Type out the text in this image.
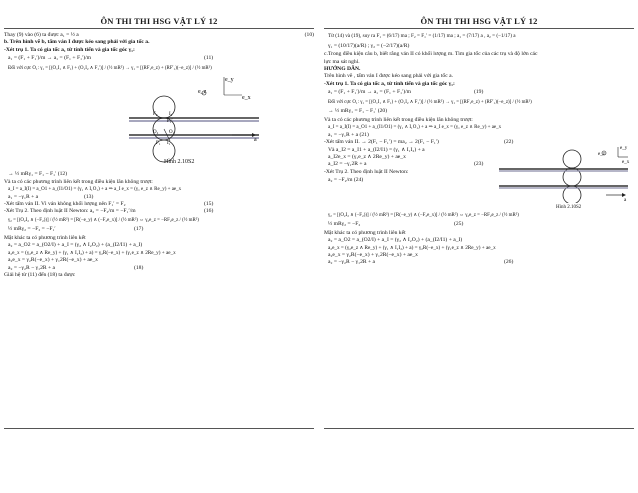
ÔN THI THI HSG VẬT LÝ 12
Thay (9) vào (6) ta được a₁ = ½ a	(10)
b. Trên hình vẽ b, tấm ván I được kéo sang phải với gia tốc a.
-Xét trụ 1. Ta có gia tốc a₁ từ tính tiến và gia tốc góc γ₁:
a₁ = (F₁ + F₁′)/m → a₁ = (F₁ + F₁′)/m	(11)
Đối với cực O₁: γ₁ = [(O₁I₁ ∧ F₁) + (O₁I₂ ∧ F₁′)] / (½ mR²) → γ₁ = [(RF₁e_z) + (RF′₁)(−e_z)] / (½ mR²)
e_y
e_z
e_x
a
F₂ I₂
F₁′
O₁
O₂
I₁
F₁
Hình 2.10S2
→ ½ mRγ₁ = F₁ − F₁′ (12)
Và ta có các phương trình liên kết trong điều kiện lăn không trượt:
a_I = a_I(I) = a_O1 + a_(I1/O1) = (γ₁ ∧ I₁O₁) + a ⇒ a_I e_x = (γ₁ e_z ∧ Re_y) + ae_x
a₁ = −γ₁R + a	(13)
-Xét tấm ván II. Vì ván không khối lượng nên F₁′ = F₂	(15)
-Xét Trụ 2. Theo định luật II Newton: a₂ = −F₂/m = −F₁′/m	(16)
γ₂ = [(O₂I₂ ∧ (−F₂))] / (½ mR²) = [R(−e_y) ∧ (−F₂e_x)] / (½ mR²) ⇔ γ₂e_z = −RF₂e_z / (½ mR²)
½ mRγ₂ = −F₂ = −F₁′	(17)
Mặt khác ta có phương trình liên kết
a₂ = a_O2 = a_(O2/I) + a_I = (γ₂ ∧ I₂O₂) + (a_(I2/I1) + a_I)
a₂e_x = (γ₂e_z ∧ Re_y) + (γ₁ ∧ I₁I₂) + a) = γ₂R(−e_x) + (γ₁e_z ∧ 2Re_y) + ae_x
a₂e_x = γ₂R(−e_x) + γ₁2R(−e_x) + ae_x
a₂ = −γ₂R − γ₁2R + a	(18)
Giải hệ từ (11) đến (18) ta được
ÔN THI THI HSG VẬT LÝ 12
Từ (14) và (19), suy ra F₁ = (6/17) ma ; F₂ = F₁′ = (1/17) ma ; a₁ = (7/17) a , a₂ = (−1/17) a
γ₁ = (10/17)(a/R) ; γ₂ = (−2/17)(a/R)
c.Trong điều kiện câu b, biết rằng ván II có khối lượng m. Tìm gia tốc của các trụ và độ lớn các
lực ma sát nghỉ.
HƯỚNG DẪN.
Trên hình vẽ , tấm ván I được kéo sang phải với gia tốc a.
-Xét trụ 1. Ta có gia tốc a₁ từ tính tiến và gia tốc góc γ₁:
a₁ = (F₁ + F₁′)/m → a₁ = (F₁ + F₁′)/m	(19)
Đối với cực O₁: γ₁ = [(O₁I₁ ∧ F₁) + (O₁I₂ ∧ F₁′)] / (½ mR²) → γ₁ = [(RF₁e_z) + (RF′₁)(−e_z)] / (½ mR²)
→ ½ mRγ₁ = F₁ − F₁′ (20)
Và ta có các phương trình liên kết trong điều kiện lăn không trượt:
a_I = a_I(I) = a_O1 + a_(I1/O1) = (γ₁ ∧ I₁O₁) + a ⇒ a_I e_x = (γ₁ e_z ∧ Re_y) + ae_x
a₁ = −γ₁R + a (21)
-Xét tấm ván II. → 2(F₁ − F₁′) = ma₂ → 2(F₁ − F₁′)	(22)
Và a_I2 = a_I1 + a_(I2/I1) = (γ₁ ∧ I₁I₂) + a
a_I2e_x = (γ₁e_z ∧ 2Re_y) + ae_x
a_I2 = −γ₁2R + a	(23)
-Xét Trụ 2. Theo định luật II Newton:
a₂ = −F₂/m (24)
e_y
e_z
e_x
a
Hình 2.10S2
γ₂ = [(O₂I₂ ∧ (−F₂))] / (½ mR²) = [R(−e_y) ∧ (−F₂e_x)] / (½ mR²) ⇔ γ₂e_z = −RF₂e_z / (½ mR²)
½ mRγ₂ = −F₂	(25)
Mặt khác ta có phương trình liên kết
a₂ = a_O2 = a_(O2/I) + a_I = (γ₂ ∧ I₂O₂) + (a_(I2/I1) + a_I)
a₂e_x = (γ₂e_z ∧ Re_y) + (γ₁ ∧ I₁I₂) + a) = γ₂R(−e_x) + (γ₁e_z ∧ 2Re_y) + ae_x
a₂e_x = γ₂R(−e_x) + γ₁2R(−e_x) + ae_x
a₂ = −γ₂R − γ₁2R + a	(26)
